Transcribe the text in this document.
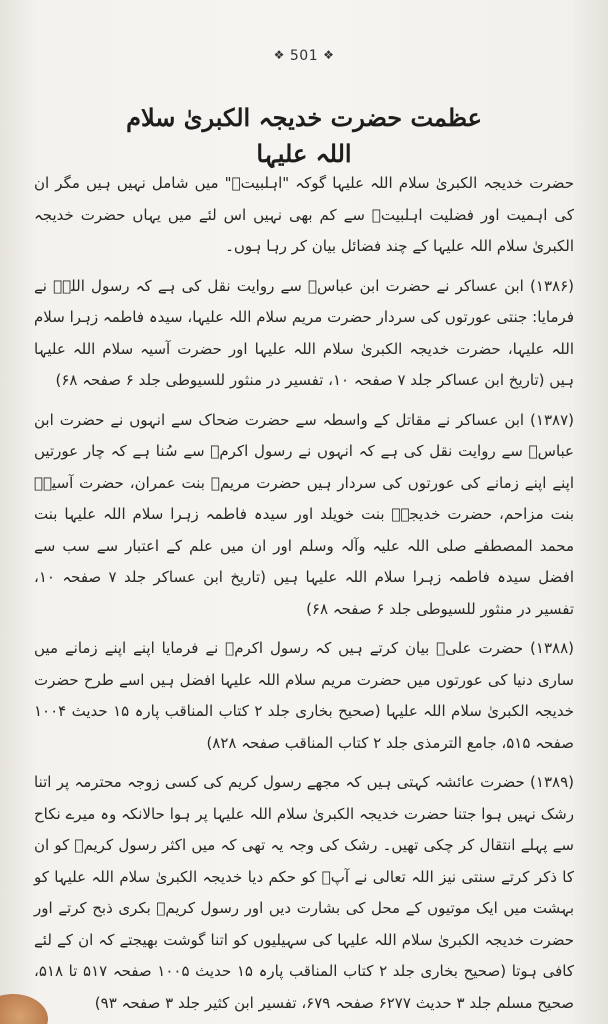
❖ 501 ❖
عظمت حضرت خدیجہ الکبریٰ سلام اللہ علیہا

حضرت خدیجہ الکبریٰ سلام اللہ علیہا گوکہ "اہلبیتؑ" میں شامل نہیں ہیں مگر ان کی اہمیت اور فضلیت اہلبیتؑ سے کم بھی نہیں اس لئے میں یہاں حضرت خدیجہ الکبریٰ سلام اللہ علیہا کے چند فضائل بیان کر رہا ہوں۔

(۱۳۸۶) ابن عساکر نے حضرت ابن عباسؓ سے روایت نقل کی ہے کہ رسول اللہؐ نے فرمایا: جنتی عورتوں کی سردار حضرت مریم سلام اللہ علیہا، سیدہ فاطمہ زہرا سلام اللہ علیہا، حضرت خدیجہ الکبریٰ سلام اللہ علیہا اور حضرت آسیہ سلام اللہ علیہا ہیں (تاریخ ابن عساکر جلد ۷ صفحہ ۱۰، تفسیر در منثور للسیوطی جلد ۶ صفحہ ۶۸)

(۱۳۸۷) ابن عساکر نے مقاتل کے واسطہ سے حضرت ضحاک سے انہوں نے حضرت ابن عباسؓ سے روایت نقل کی ہے کہ انہوں نے رسول اکرمؐ سے سُنا ہے کہ چار عورتیں اپنے اپنے زمانے کی عورتوں کی سردار ہیں حضرت مریمؑ بنت عمران، حضرت آسیہؑ بنت مزاحم، حضرت خدیجہؑ بنت خویلد اور سیدہ فاطمہ زہرا سلام اللہ علیہا بنت محمد المصطفے صلی اللہ علیہ وآلہ وسلم اور ان میں علم کے اعتبار سے سب سے افضل سیدہ فاطمہ زہرا سلام اللہ علیہا ہیں (تاریخ ابن عساکر جلد ۷ صفحہ ۱۰، تفسیر در منثور للسیوطی جلد ۶ صفحہ ۶۸)

(۱۳۸۸) حضرت علیؑ بیان کرتے ہیں کہ رسول اکرمؐ نے فرمایا اپنے اپنے زمانے میں ساری دنیا کی عورتوں میں حضرت مریم سلام اللہ علیہا افضل ہیں اسے طرح حضرت خدیجہ الکبریٰ سلام اللہ علیہا (صحیح بخاری جلد ۲ کتاب المناقب پارہ ۱۵ حدیث ۱۰۰۴ صفحہ ۵۱۵، جامع الترمذی جلد ۲ کتاب المناقب صفحہ ۸۲۸)

(۱۳۸۹) حضرت عائشہ کہتی ہیں کہ مجھے رسول کریم کی کسی زوجہ محترمہ پر اتنا رشک نہیں ہوا جتنا حضرت خدیجہ الکبریٰ سلام اللہ علیہا پر ہوا حالانکہ وہ میرے نکاح سے پہلے انتقال کر چکی تھیں۔ رشک کی وجہ یہ تھی کہ میں اکثر رسول کریمؐ کو ان کا ذکر کرتے سنتی نیز اللہ تعالی نے آپؐ کو حکم دیا خدیجہ الکبریٰ سلام اللہ علیہا کو بہشت میں ایک موتیوں کے محل کی بشارت دیں اور رسول کریمؐ بکری ذبح کرتے اور حضرت خدیجہ الکبریٰ سلام اللہ علیہا کی سہیلیوں کو اتنا گوشت بھیجتے کہ ان کے لئے کافی ہوتا (صحیح بخاری جلد ۲ کتاب المناقب پارہ ۱۵ حدیث ۱۰۰۵ صفحہ ۵۱۷ تا ۵۱۸، صحیح مسلم جلد ۳ حدیث ۶۲۷۷ صفحہ ۶۷۹، تفسیر ابن کثیر جلد ۳ صفحہ ۹۳)
